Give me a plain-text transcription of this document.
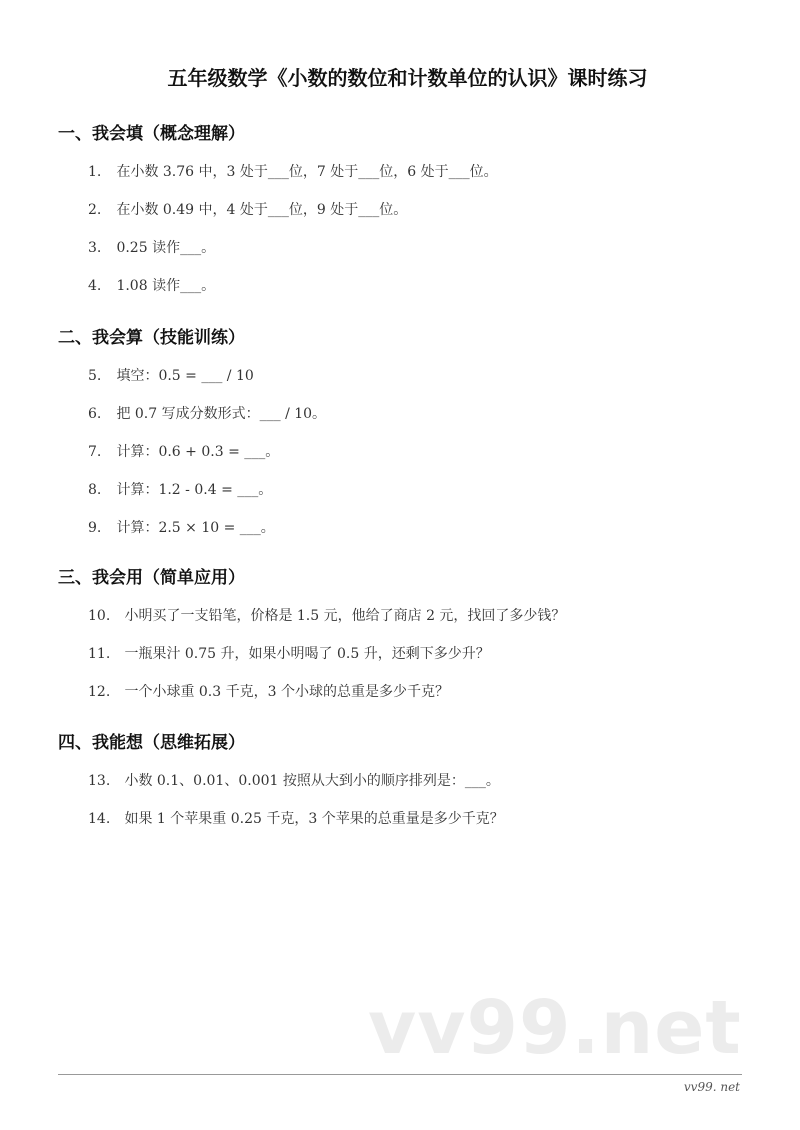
五年级数学《小数的数位和计数单位的认识》课时练习
一、我会填（概念理解）
1. 在小数 3.76 中，3 处于___位，7 处于___位，6 处于___位。
2. 在小数 0.49 中，4 处于___位，9 处于___位。
3. 0.25 读作___。
4. 1.08 读作___。
二、我会算（技能训练）
5. 填空：0.5 = ___ / 10
6. 把 0.7 写成分数形式：___ / 10。
7. 计算：0.6 + 0.3 = ___。
8. 计算：1.2 - 0.4 = ___。
9. 计算：2.5 × 10 = ___。
三、我会用（简单应用）
10. 小明买了一支铅笔，价格是 1.5 元，他给了商店 2 元，找回了多少钱？
11. 一瓶果汁 0.75 升，如果小明喝了 0.5 升，还剩下多少升？
12. 一个小球重 0.3 千克，3 个小球的总重是多少千克？
四、我能想（思维拓展）
13. 小数 0.1、0.01、0.001 按照从大到小的顺序排列是：___。
14. 如果 1 个苹果重 0.25 千克，3 个苹果的总重量是多少千克？
vv99.net
vv99. net
